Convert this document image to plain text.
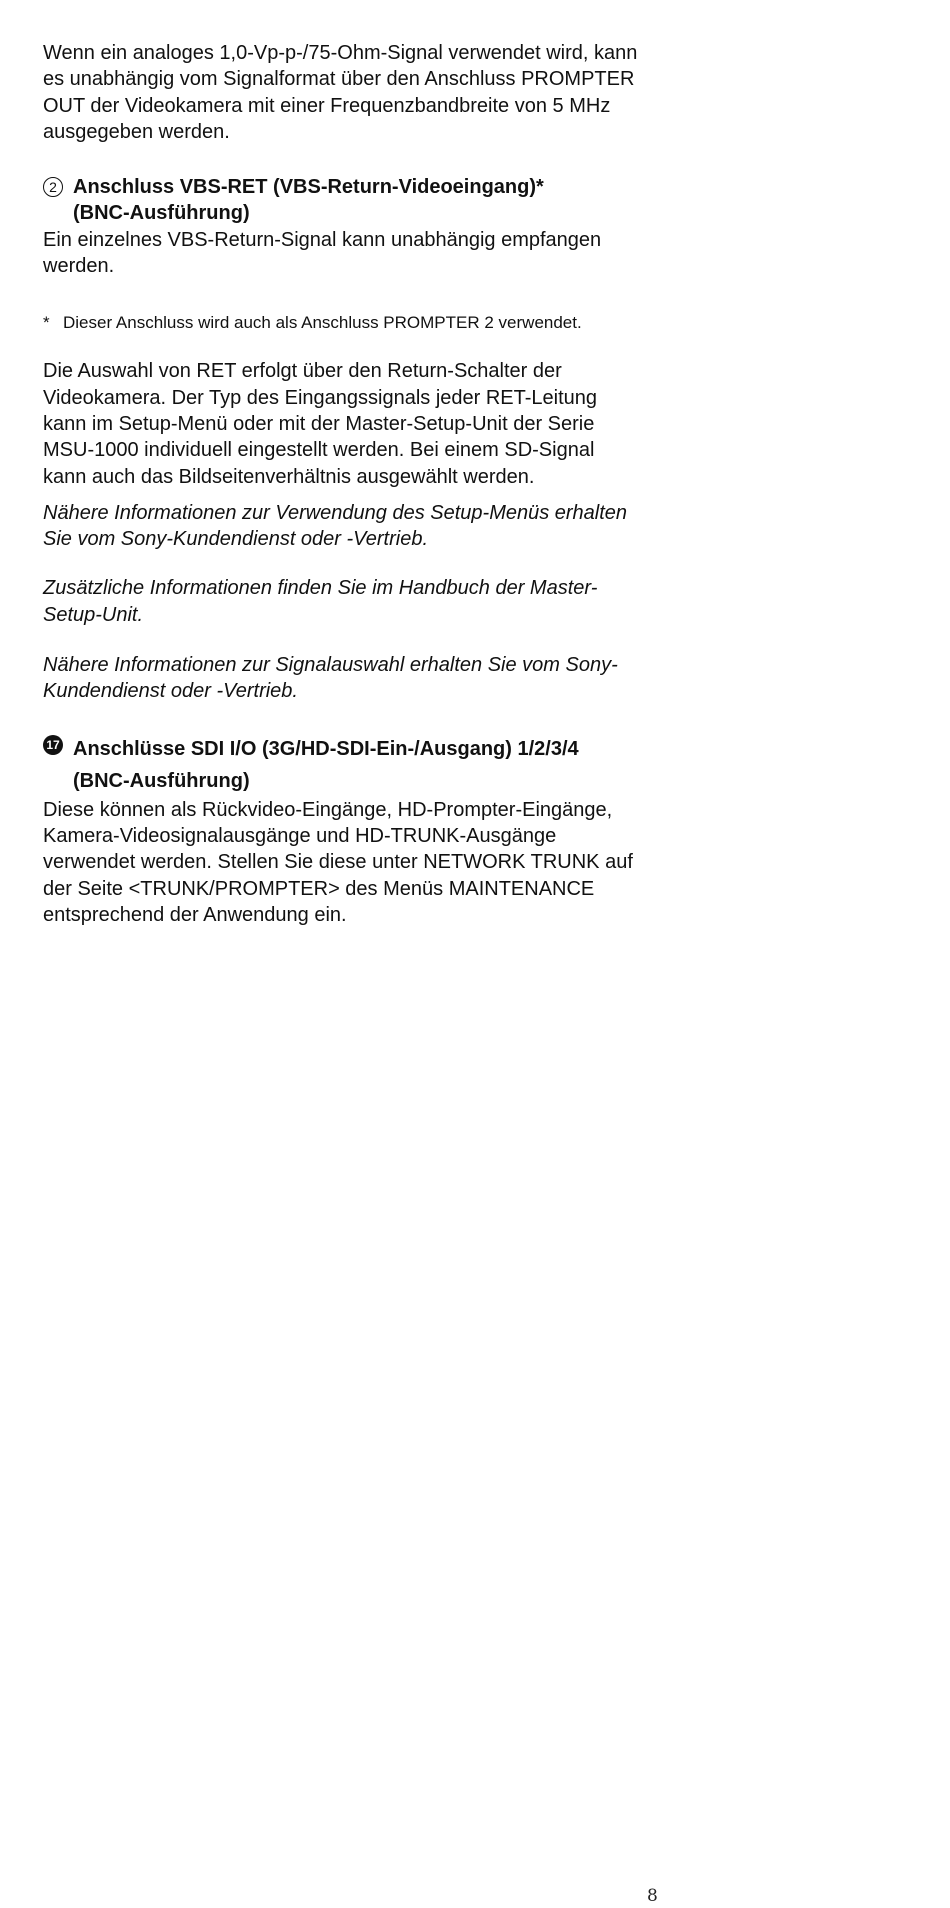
Wenn ein analoges 1,0-Vp-p-/75-Ohm-Signal verwendet wird, kann es unabhängig vom Signalformat über den Anschluss PROMPTER OUT der Videokamera mit einer Frequenzbandbreite von 5 MHz ausgegeben werden.

2 Anschluss VBS-RET (VBS-Return-Videoeingang)*
(BNC-Ausführung)

Ein einzelnes VBS-Return-Signal kann unabhängig empfangen werden.

* Dieser Anschluss wird auch als Anschluss PROMPTER 2 verwendet.

Die Auswahl von RET erfolgt über den Return-Schalter der Videokamera. Der Typ des Eingangssignals jeder RET-Leitung kann im Setup-Menü oder mit der Master-Setup-Unit der Serie MSU-1000 individuell eingestellt werden. Bei einem SD-Signal kann auch das Bildseitenverhältnis ausgewählt werden.

Nähere Informationen zur Verwendung des Setup-Menüs erhalten Sie vom Sony-Kundendienst oder -Vertrieb.

Zusätzliche Informationen finden Sie im Handbuch der Master-Setup-Unit.

Nähere Informationen zur Signalauswahl erhalten Sie vom Sony-Kundendienst oder -Vertrieb.

17 Anschlüsse SDI I/O (3G/HD-SDI-Ein-/Ausgang) 1/2/3/4
(BNC-Ausführung)

Diese können als Rückvideo-Eingänge, HD-Prompter-Eingänge, Kamera-Videosignalausgänge und HD-TRUNK-Ausgänge verwendet werden. Stellen Sie diese unter NETWORK TRUNK auf der Seite <TRUNK/PROMPTER> des Menüs MAINTENANCE entsprechend der Anwendung ein.

8
